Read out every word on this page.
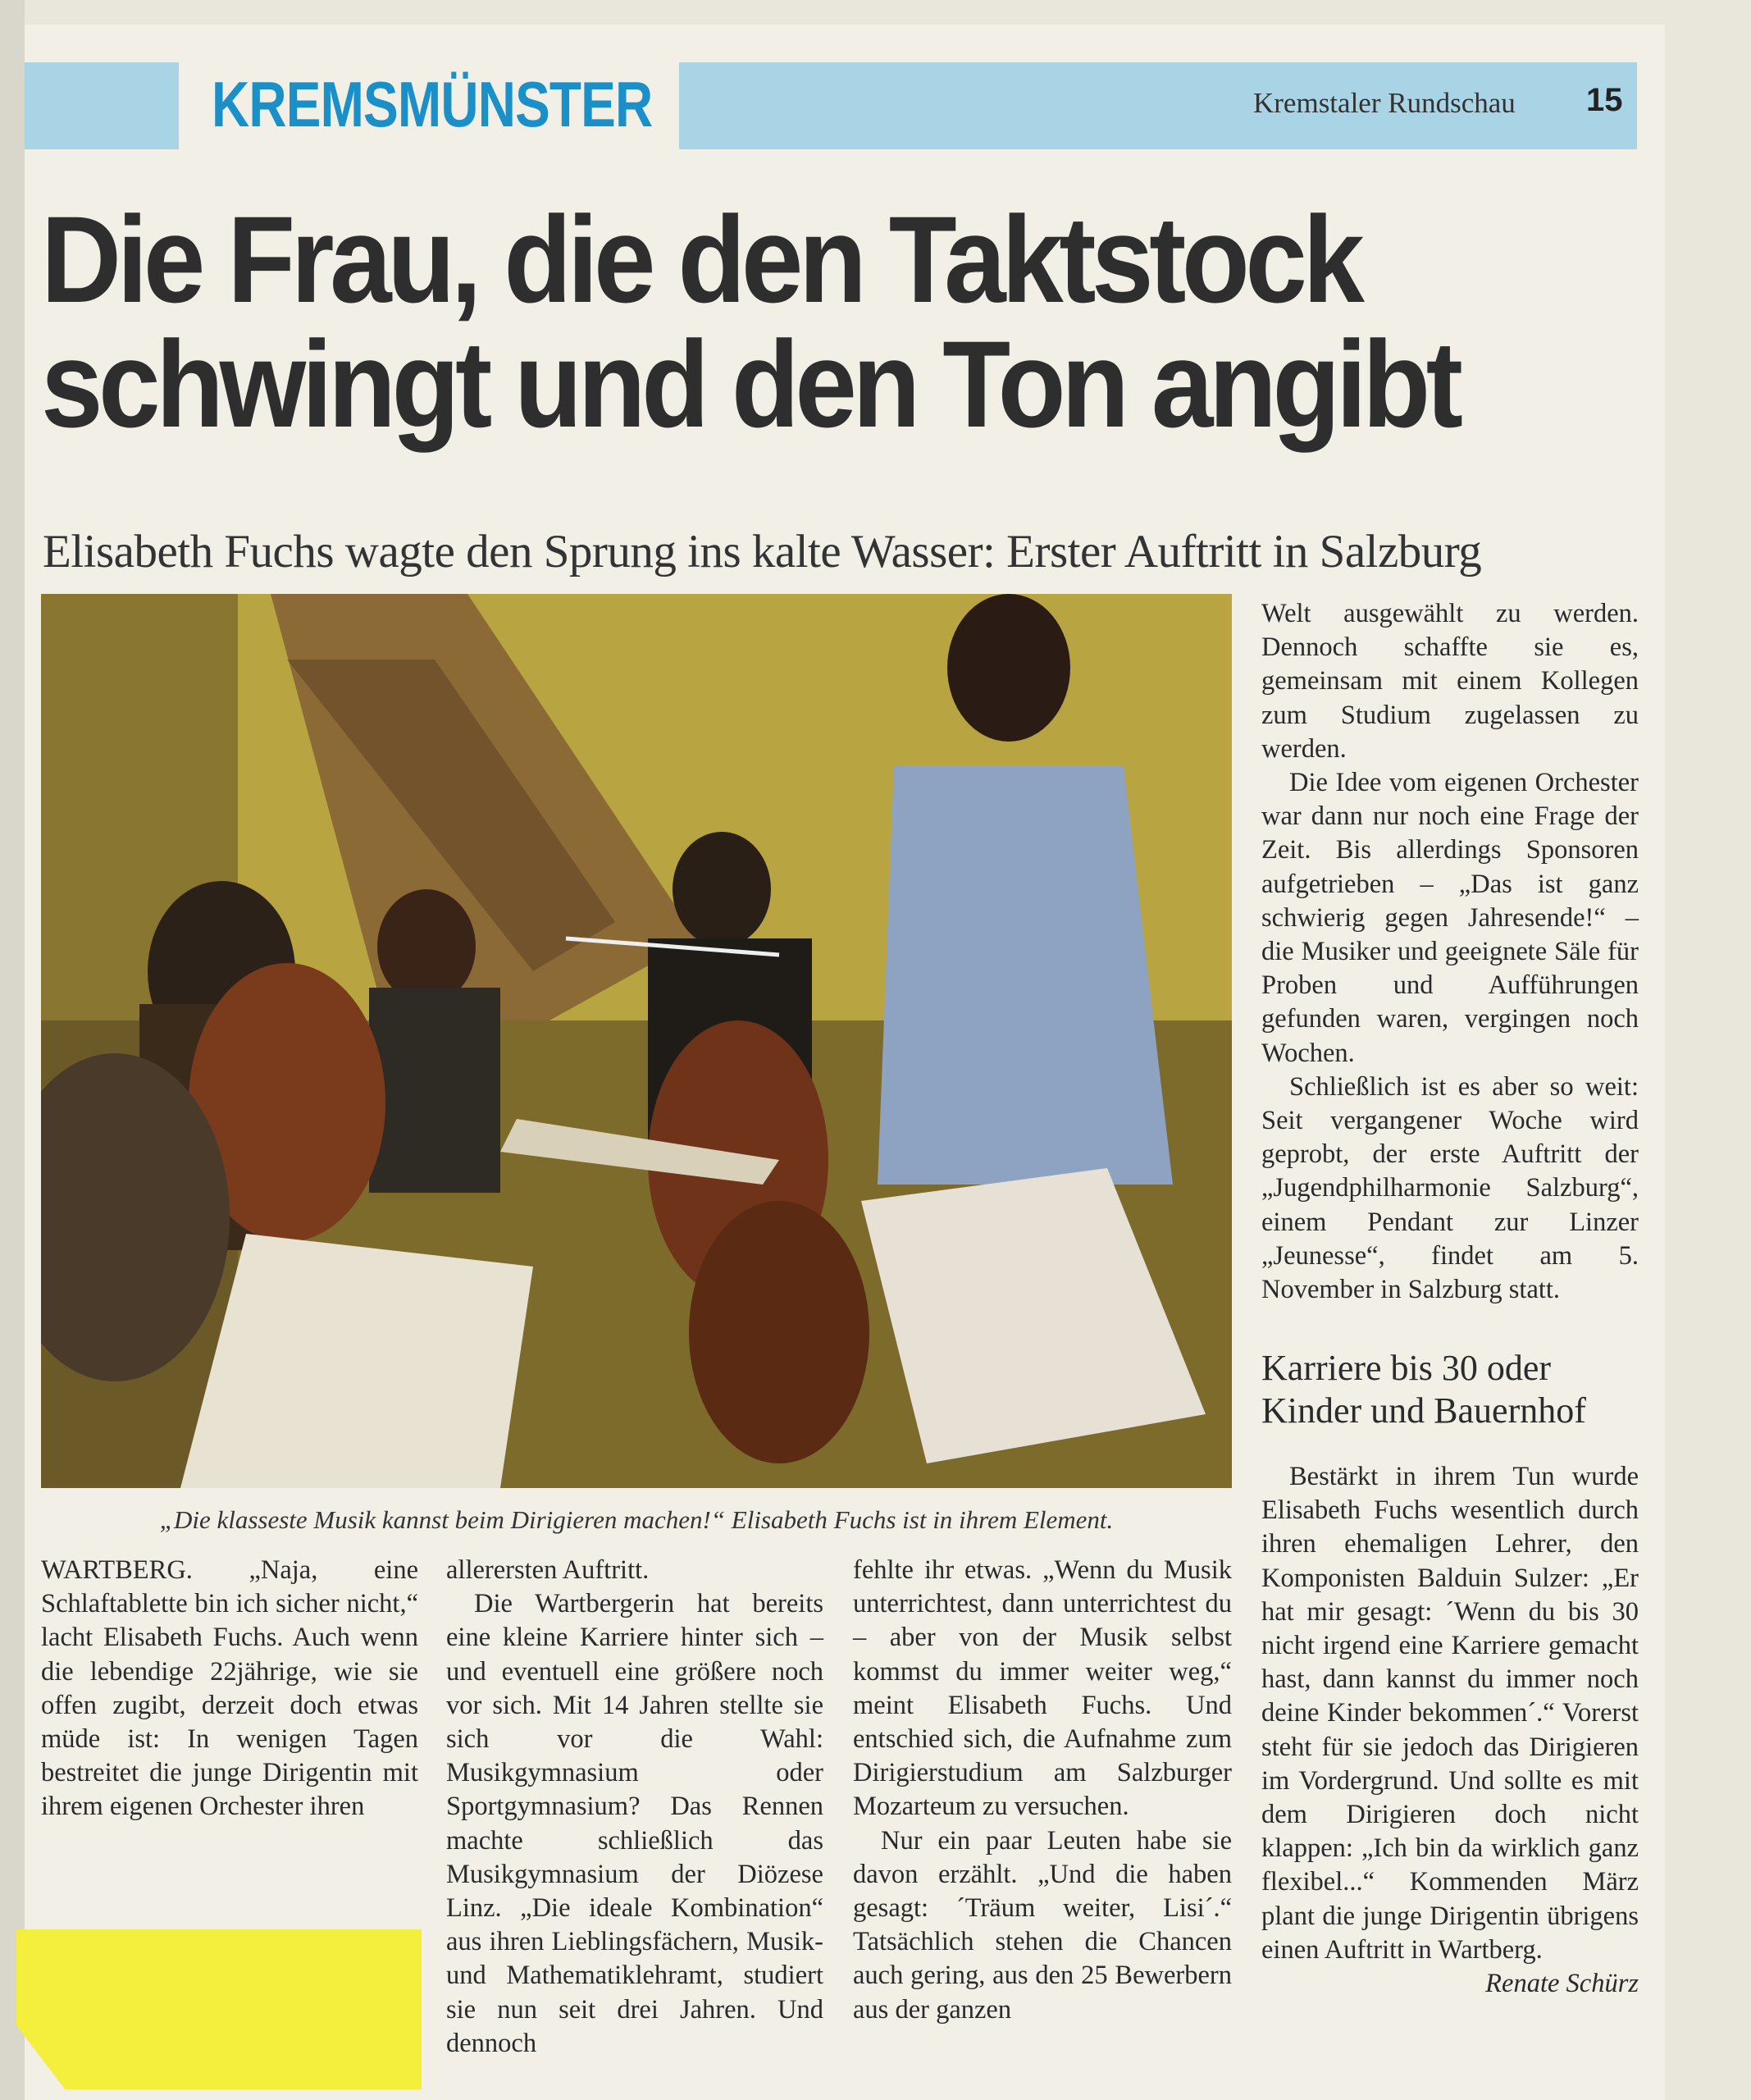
KREMSMÜNSTER	Kremstaler Rundschau 15
Die Frau, die den Taktstock
schwingt und den Ton angibt
Elisabeth Fuchs wagte den Sprung ins kalte Wasser: Erster Auftritt in Salzburg
„Die klasseste Musik kannst beim Dirigieren machen!“ Elisabeth Fuchs ist in ihrem Element.

WARTBERG. „Naja, eine Schlaftablette bin ich sicher nicht,“ lacht Elisabeth Fuchs. Auch wenn die lebendige 22jährige, wie sie offen zugibt, derzeit doch etwas müde ist: In wenigen Tagen bestreitet die junge Dirigentin mit ihrem eigenen Orchester ihren

allerersten Auftritt.

Die Wartbergerin hat bereits eine kleine Karriere hinter sich – und eventuell eine größere noch vor sich. Mit 14 Jahren stellte sie sich vor die Wahl: Musikgymnasium oder Sportgymnasium? Das Rennen machte schließlich das Musikgymnasium der Diözese Linz. „Die ideale Kombination“ aus ihren Lieblingsfächern, Musik- und Mathematiklehramt, studiert sie nun seit drei Jahren. Und dennoch

fehlte ihr etwas. „Wenn du Musik unterrichtest, dann unterrichtest du – aber von der Musik selbst kommst du immer weiter weg,“ meint Elisabeth Fuchs. Und entschied sich, die Aufnahme zum Dirigierstudium am Salzburger Mozarteum zu versuchen.

Nur ein paar Leuten habe sie davon erzählt. „Und die haben gesagt: ´Träum weiter, Lisi´.“ Tatsächlich stehen die Chancen auch gering, aus den 25 Bewerbern aus der ganzen

Welt ausgewählt zu werden. Dennoch schaffte sie es, gemeinsam mit einem Kollegen zum Studium zugelassen zu werden.

Die Idee vom eigenen Orchester war dann nur noch eine Frage der Zeit. Bis allerdings Sponsoren aufgetrieben – „Das ist ganz schwierig gegen Jahresende!“ – die Musiker und geeignete Säle für Proben und Aufführungen gefunden waren, vergingen noch Wochen.

Schließlich ist es aber so weit: Seit vergangener Woche wird geprobt, der erste Auftritt der „Jugendphilharmonie Salzburg“, einem Pendant zur Linzer „Jeunesse“, findet am 5. November in Salzburg statt.

Karriere bis 30 oder Kinder und Bauernhof

Bestärkt in ihrem Tun wurde Elisabeth Fuchs wesentlich durch ihren ehemaligen Lehrer, den Komponisten Balduin Sulzer: „Er hat mir gesagt: ´Wenn du bis 30 nicht irgend eine Karriere gemacht hast, dann kannst du immer noch deine Kinder bekommen´.“ Vorerst steht für sie jedoch das Dirigieren im Vordergrund. Und sollte es mit dem Dirigieren doch nicht klappen: „Ich bin da wirklich ganz flexibel...“ Kommenden März plant die junge Dirigentin übrigens einen Auftritt in Wartberg.
Renate Schürz
